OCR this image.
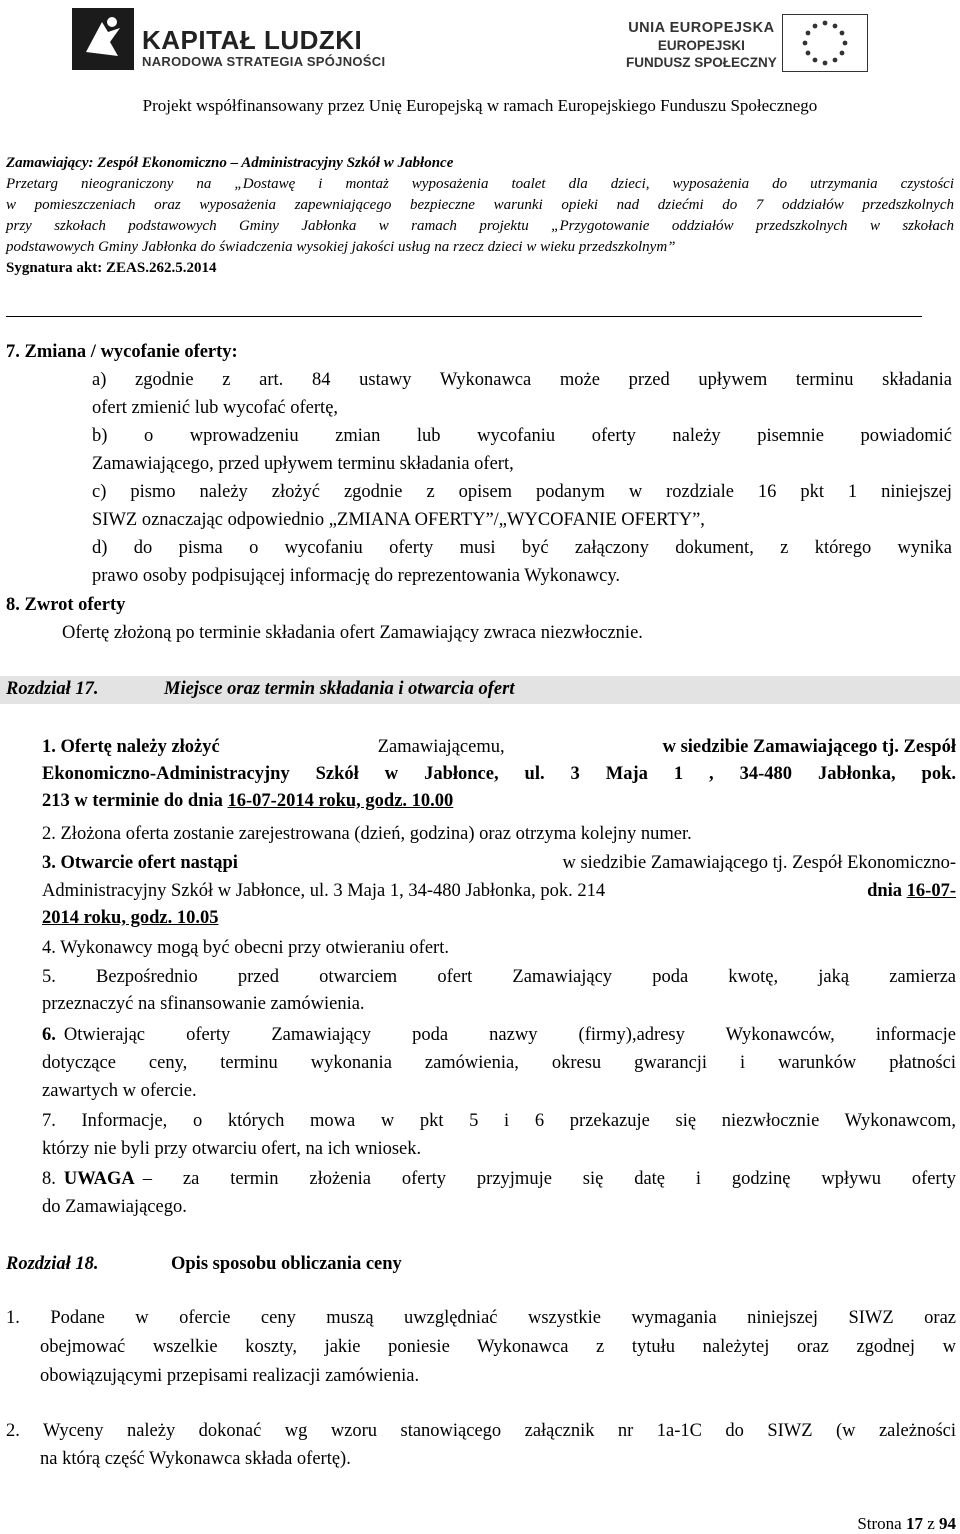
KAPITAŁ LUDZKI
NARODOWA STRATEGIA SPÓJNOŚCI
UNIA EUROPEJSKA
EUROPEJSKI
FUNDUSZ SPOŁECZNY
Projekt współfinansowany przez Unię Europejską w ramach Europejskiego Funduszu Społecznego
Zamawiający: Zespół Ekonomiczno – Administracyjny Szkół w Jabłonce
Przetarg nieograniczony na „Dostawę i montaż wyposażenia toalet dla dzieci, wyposażenia do utrzymania czystości
w pomieszczeniach oraz wyposażenia zapewniającego bezpieczne warunki opieki nad dziećmi do 7 oddziałów przedszkolnych
przy szkołach podstawowych Gminy Jabłonka w ramach projektu „Przygotowanie oddziałów przedszkolnych w szkołach
podstawowych Gminy Jabłonka do świadczenia wysokiej jakości usług na rzecz dzieci w wieku przedszkolnym”
Sygnatura akt: ZEAS.262.5.2014
7. Zmiana / wycofanie oferty:
a) zgodnie z art. 84 ustawy Wykonawca może przed upływem terminu składania
ofert zmienić lub wycofać ofertę,
b) o wprowadzeniu zmian lub wycofaniu oferty należy pisemnie powiadomić
Zamawiającego, przed upływem terminu składania ofert,
c) pismo należy złożyć zgodnie z opisem podanym w rozdziale 16 pkt 1 niniejszej
SIWZ oznaczając odpowiednio „ZMIANA OFERTY”/„WYCOFANIE OFERTY”,
d) do pisma o wycofaniu oferty musi być załączony dokument, z którego wynika
prawo osoby podpisującej informację do reprezentowania Wykonawcy.
8. Zwrot oferty
Ofertę złożoną po terminie składania ofert Zamawiający zwraca niezwłocznie.
Rozdział 17.	Miejsce oraz termin składania i otwarcia ofert
1. Ofertę należy złożyć	Zamawiającemu,	w siedzibie Zamawiającego tj. Zespół
Ekonomiczno-Administracyjny Szkół w Jabłonce, ul. 3 Maja 1 , 34-480 Jabłonka, pok.
213 w terminie do dnia 16-07-2014 roku, godz. 10.00
2. Złożona oferta zostanie zarejestrowana (dzień, godzina) oraz otrzyma kolejny numer.
3. Otwarcie ofert nastąpi	w siedzibie Zamawiającego tj. Zespół Ekonomiczno-
Administracyjny Szkół w Jabłonce, ul. 3 Maja 1, 34-480 Jabłonka, pok. 214	dnia 16-07-
2014 roku, godz. 10.05
4. Wykonawcy mogą być obecni przy otwieraniu ofert.
5. Bezpośrednio przed otwarciem ofert Zamawiający poda kwotę, jaką zamierza
przeznaczyć na sfinansowanie zamówienia.
6. Otwierając oferty Zamawiający poda nazwy (firmy),adresy Wykonawców, informacje
dotyczące ceny, terminu wykonania zamówienia, okresu gwarancji i warunków płatności
zawartych w ofercie.
7. Informacje, o których mowa w pkt 5 i 6 przekazuje się niezwłocznie Wykonawcom,
którzy nie byli przy otwarciu ofert, na ich wniosek.
8. UWAGA – za termin złożenia oferty przyjmuje się datę i godzinę wpływu oferty
do Zamawiającego.
Rozdział 18.	Opis sposobu obliczania ceny
1. Podane w ofercie ceny muszą uwzględniać wszystkie wymagania niniejszej SIWZ oraz
obejmować wszelkie koszty, jakie poniesie Wykonawca z tytułu należytej oraz zgodnej w
obowiązującymi przepisami realizacji zamówienia.
2. Wyceny należy dokonać wg wzoru stanowiącego załącznik nr 1a-1C do SIWZ (w zależności
na którą część Wykonawca składa ofertę).
Strona 17 z 94
